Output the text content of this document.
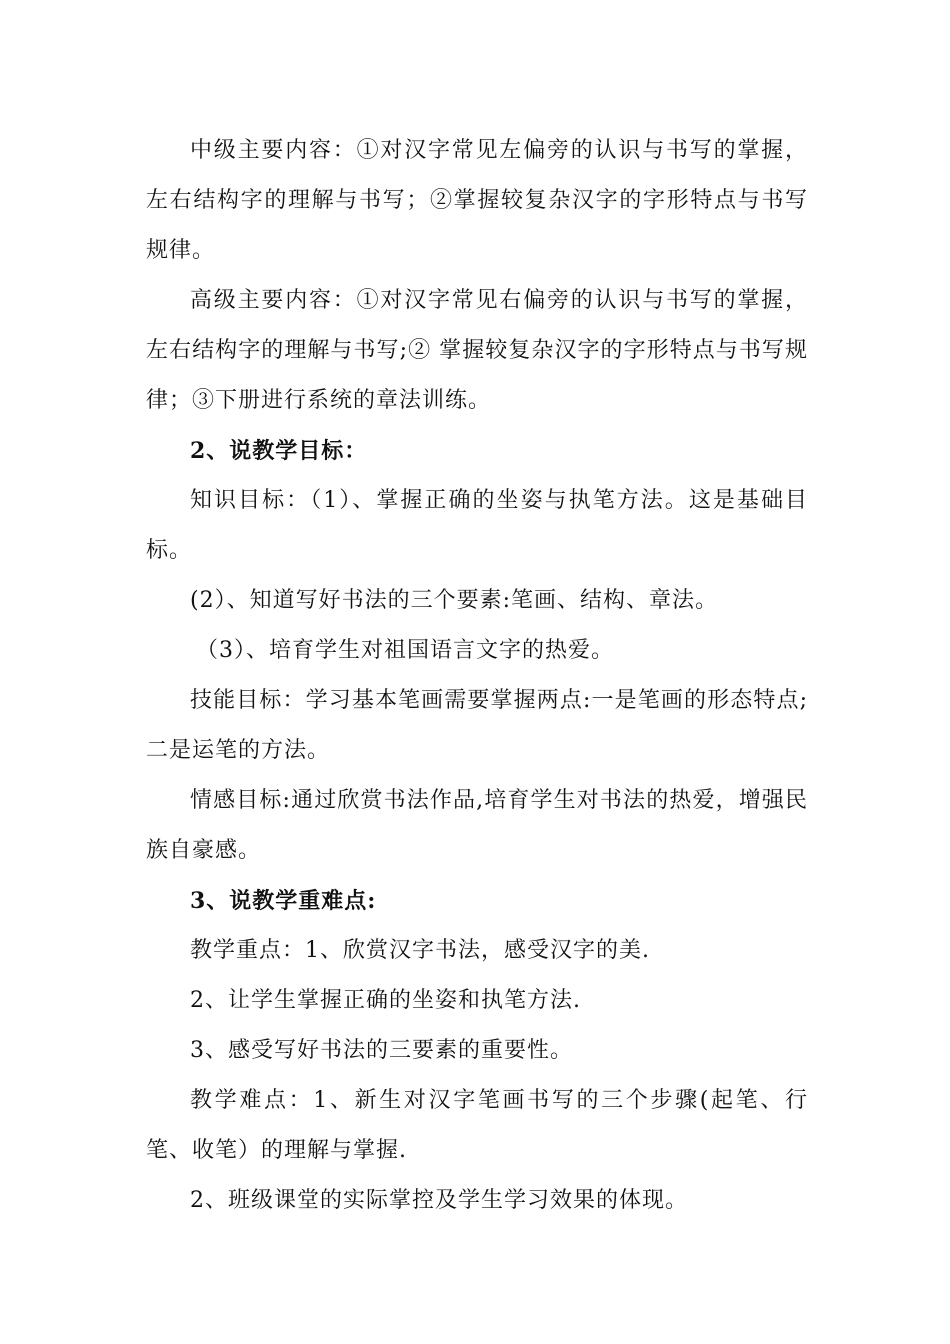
中级主要内容：①对汉字常见左偏旁的认识与书写的掌握，左右结构字的理解与书写；②掌握较复杂汉字的字形特点与书写规律。

高级主要内容：①对汉字常见右偏旁的认识与书写的掌握，左右结构字的理解与书写;② 掌握较复杂汉字的字形特点与书写规律；③下册进行系统的章法训练。

2、说教学目标：

知识目标：（1）、掌握正确的坐姿与执笔方法。这是基础目标。

(2）、知道写好书法的三个要素:笔画、结构、章法。

（3）、培育学生对祖国语言文字的热爱。

技能目标：学习基本笔画需要掌握两点:一是笔画的形态特点;二是运笔的方法。

情感目标:通过欣赏书法作品,培育学生对书法的热爱，增强民族自豪感。

3、说教学重难点:

教学重点：1、欣赏汉字书法，感受汉字的美.

2、让学生掌握正确的坐姿和执笔方法.

3、感受写好书法的三要素的重要性。

教学难点：1、新生对汉字笔画书写的三个步骤(起笔、行笔、收笔）的理解与掌握.

2、班级课堂的实际掌控及学生学习效果的体现。
